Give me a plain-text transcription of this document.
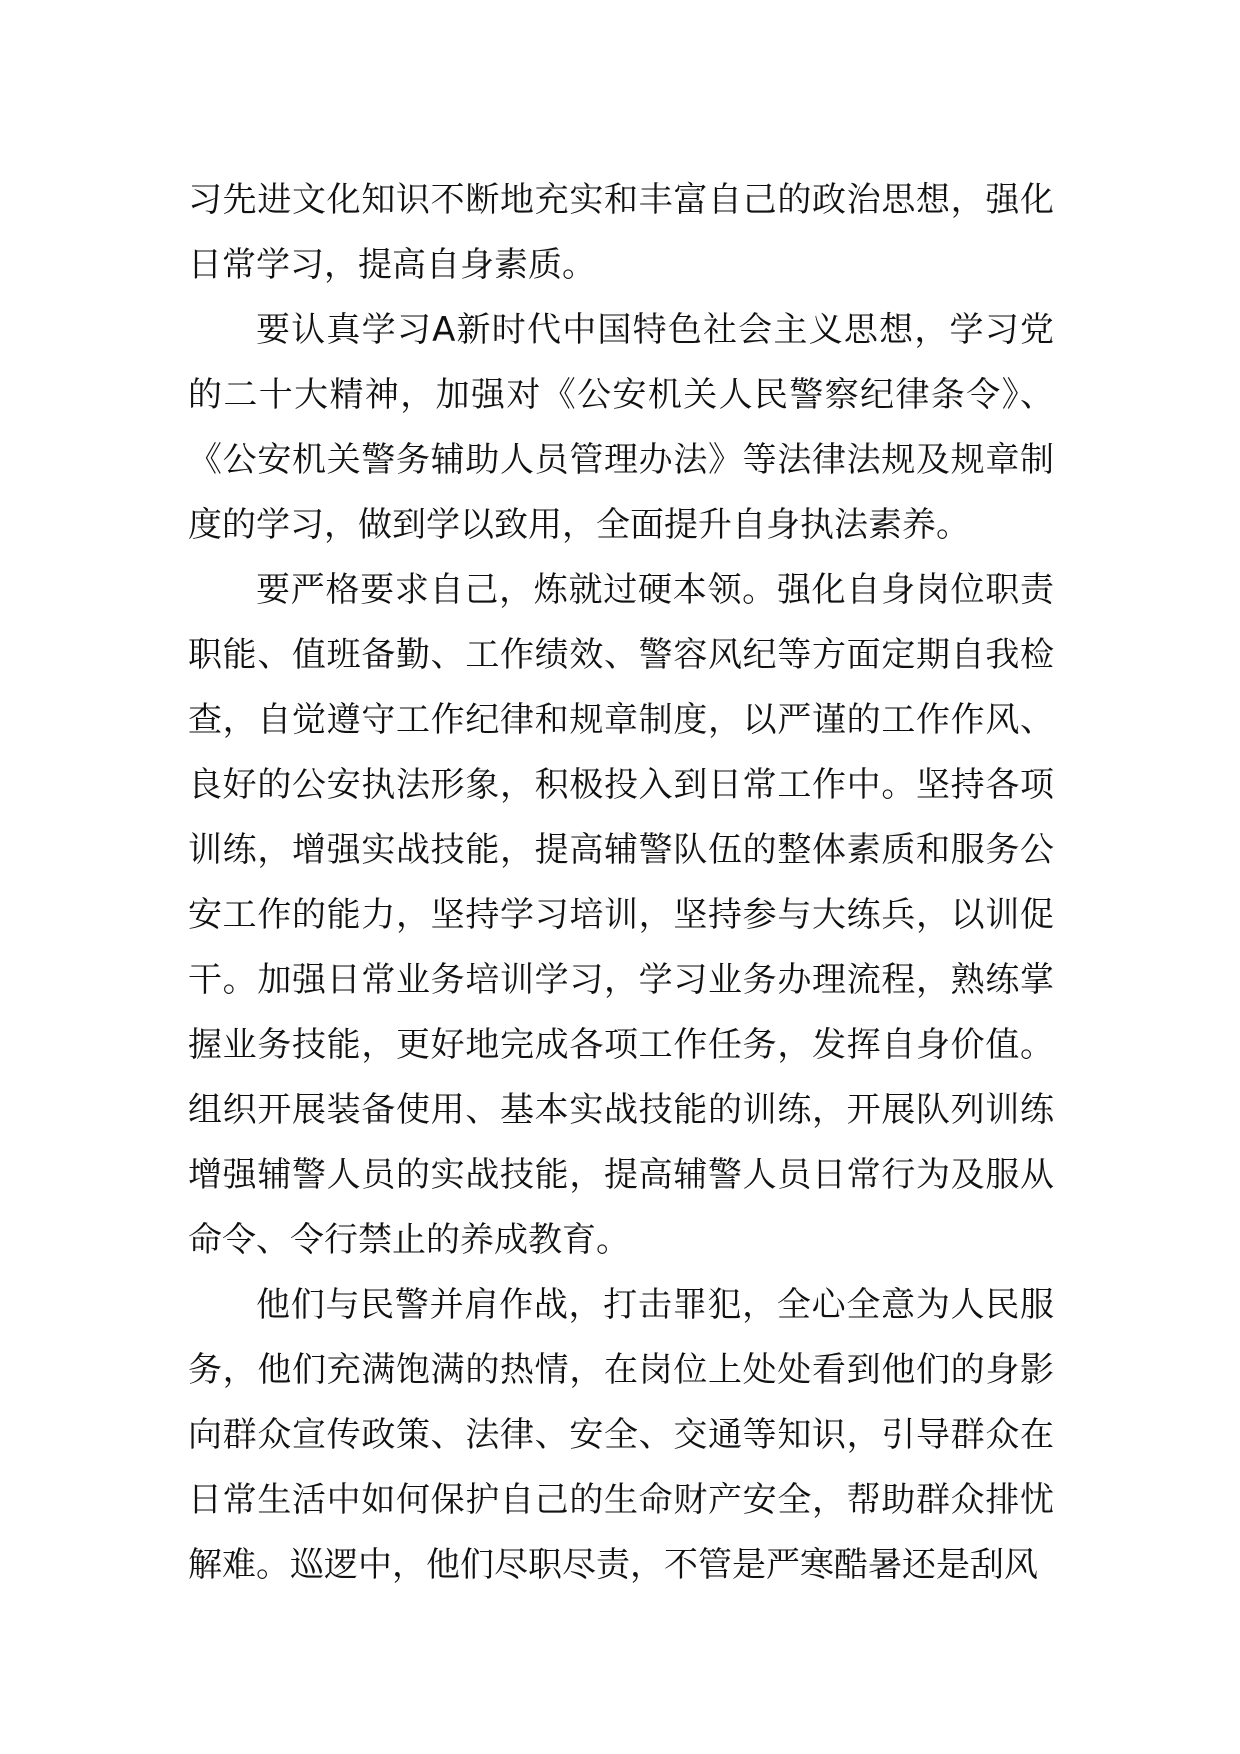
习先进文化知识不断地充实和丰富自己的政治思想，强化日常学习，提高自身素质。

要认真学习A新时代中国特色社会主义思想，学习党的二十大精神，加强对《公安机关人民警察纪律条令》、《公安机关警务辅助人员管理办法》等法律法规及规章制度的学习，做到学以致用，全面提升自身执法素养。

要严格要求自己，炼就过硬本领。强化自身岗位职责职能、值班备勤、工作绩效、警容风纪等方面定期自我检查，自觉遵守工作纪律和规章制度，以严谨的工作作风、良好的公安执法形象，积极投入到日常工作中。坚持各项训练，增强实战技能，提高辅警队伍的整体素质和服务公安工作的能力，坚持学习培训，坚持参与大练兵，以训促干。加强日常业务培训学习，学习业务办理流程，熟练掌握业务技能，更好地完成各项工作任务，发挥自身价值。组织开展装备使用、基本实战技能的训练，开展队列训练增强辅警人员的实战技能，提高辅警人员日常行为及服从命令、令行禁止的养成教育。

他们与民警并肩作战，打击罪犯，全心全意为人民服务，他们充满饱满的热情，在岗位上处处看到他们的身影向群众宣传政策、法律、安全、交通等知识，引导群众在日常生活中如何保护自己的生命财产安全，帮助群众排忧解难。巡逻中，他们尽职尽责，不管是严寒酷暑还是刮风
